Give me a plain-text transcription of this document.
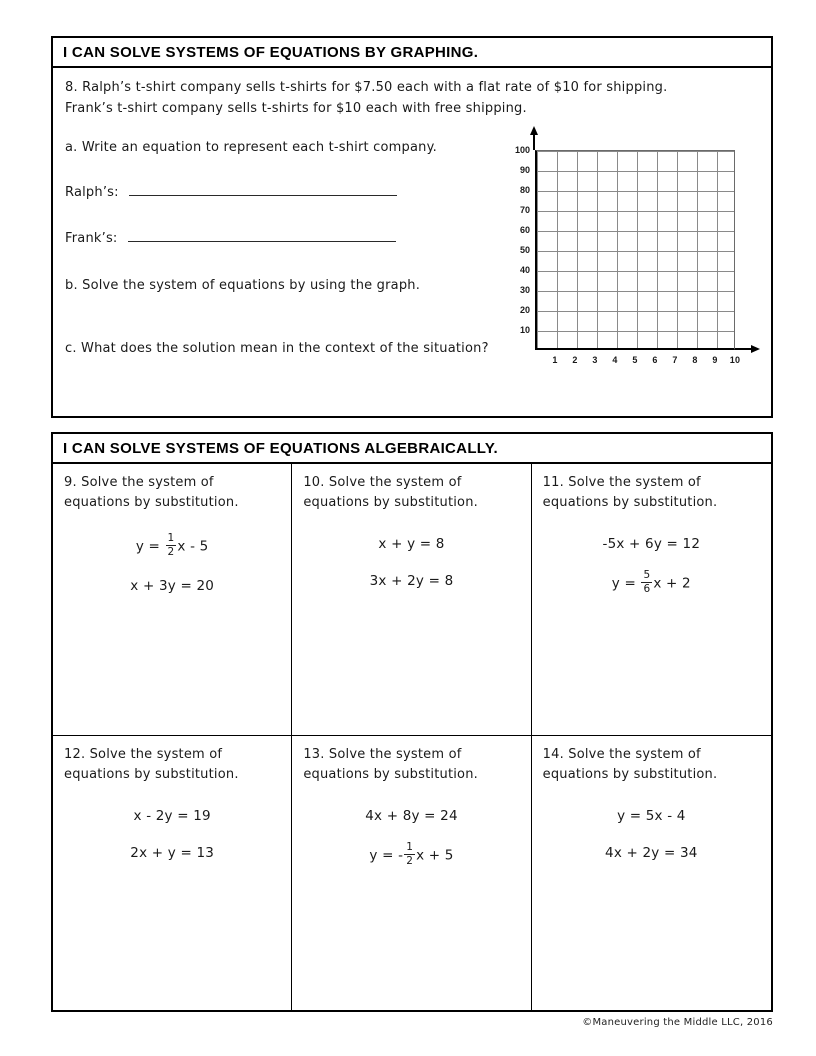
I CAN SOLVE SYSTEMS OF EQUATIONS BY GRAPHING.

8. Ralph’s t-shirt company sells t-shirts for $7.50 each with a flat rate of $10 for shipping.

Frank’s t-shirt company sells t-shirts for $10 each with free shipping.

a. Write an equation to represent each t-shirt company.

Ralph’s:
Frank’s:

b. Solve the system of equations by using the graph.

c. What does the solution mean in the context of the situation?

100
90
80
70
60
50
40
30
20
10
1	2	3	4	5	6	7	8	9	10
I CAN SOLVE SYSTEMS OF EQUATIONS ALGEBRAICALLY.

9. Solve the system of equations by substitution.

$y = \frac{1}{2}$ x - 5
x + 3y = 20

10. Solve the system of equations by substitution.

x + y = 8
3x + 2y = 8

11. Solve the system of equations by substitution.

-5x + 6y = 12
$y = \frac{5}{6}$ x + 2

12. Solve the system of equations by substitution.

x - 2y = 19
2x + y = 13

13. Solve the system of equations by substitution.

4x + 8y = 24
y = - $\frac{1}{2}$ x + 5

14. Solve the system of equations by substitution.

y = 5x - 4
4x + 2y = 34
©Maneuvering the Middle LLC, 2016
